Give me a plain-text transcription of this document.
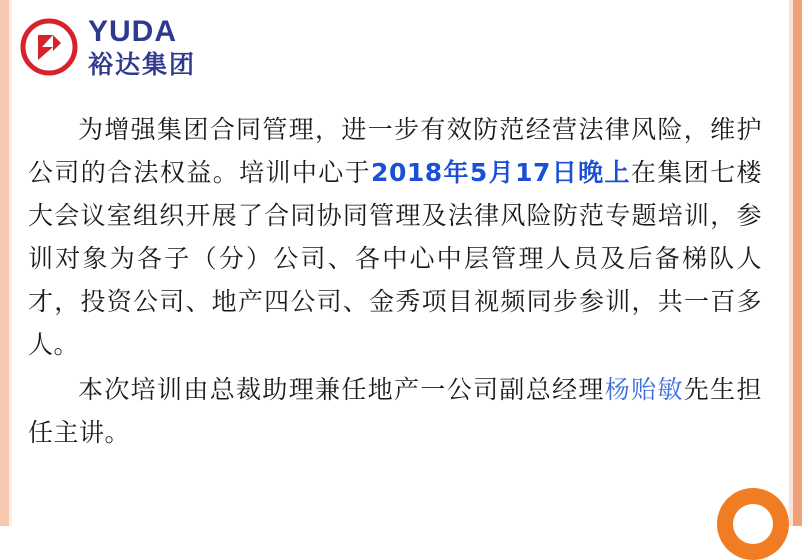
YUDA
裕达集团

为增强集团合同管理，进一步有效防范经营法律风险，维护公司的合法权益。培训中心于2018年5月17日晚上在集团七楼大会议室组织开展了合同协同管理及法律风险防范专题培训，参训对象为各子（分）公司、各中心中层管理人员及后备梯队人才，投资公司、地产四公司、金秀项目视频同步参训，共一百多人。

本次培训由总裁助理兼任地产一公司副总经理杨贻敏先生担任主讲。
